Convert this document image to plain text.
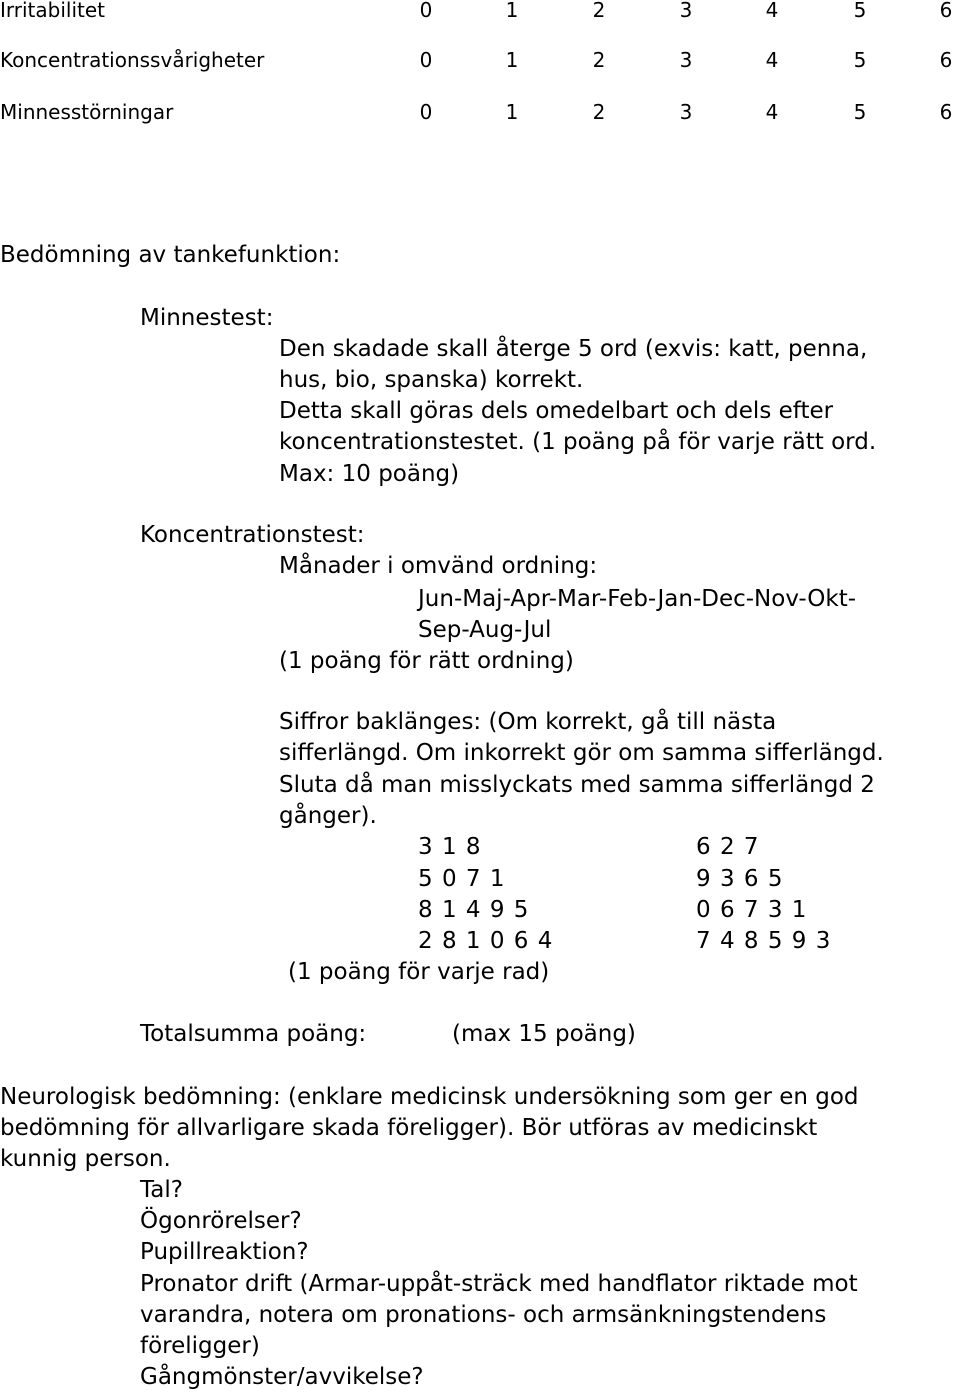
Irritabilitet	0	1	2	3	4	5	6
Koncentrationssvårigheter	0	1	2	3	4	5	6
Minnesstörningar	0	1	2	3	4	5	6
Bedömning av tankefunktion:
Minnestest:
Den skadade skall återge 5 ord (exvis: katt, penna,
hus, bio, spanska) korrekt.
Detta skall göras dels omedelbart och dels efter
koncentrationstestet. (1 poäng på för varje rätt ord.
Max: 10 poäng)
Koncentrationstest:
Månader i omvänd ordning:
Jun-Maj-Apr-Mar-Feb-Jan-Dec-Nov-Okt-
Sep-Aug-Jul
(1 poäng för rätt ordning)
Siffror baklänges: (Om korrekt, gå till nästa
sifferlängd. Om inkorrekt gör om samma sifferlängd.
Sluta då man misslyckats med samma sifferlängd 2
gånger).
3 1 8	6 2 7
5 0 7 1	9 3 6 5
8 1 4 9 5	0 6 7 3 1
2 8 1 0 6 4	7 4 8 5 9 3
(1 poäng för varje rad)
Totalsumma poäng:	(max 15 poäng)
Neurologisk bedömning: (enklare medicinsk undersökning som ger en god
bedömning för allvarligare skada föreligger). Bör utföras av medicinskt
kunnig person.
Tal?
Ögonrörelser?
Pupillreaktion?
Pronator drift (Armar-uppåt-sträck med handflator riktade mot
varandra, notera om pronations- och armsänkningstendens
föreligger)
Gångmönster/avvikelse?
